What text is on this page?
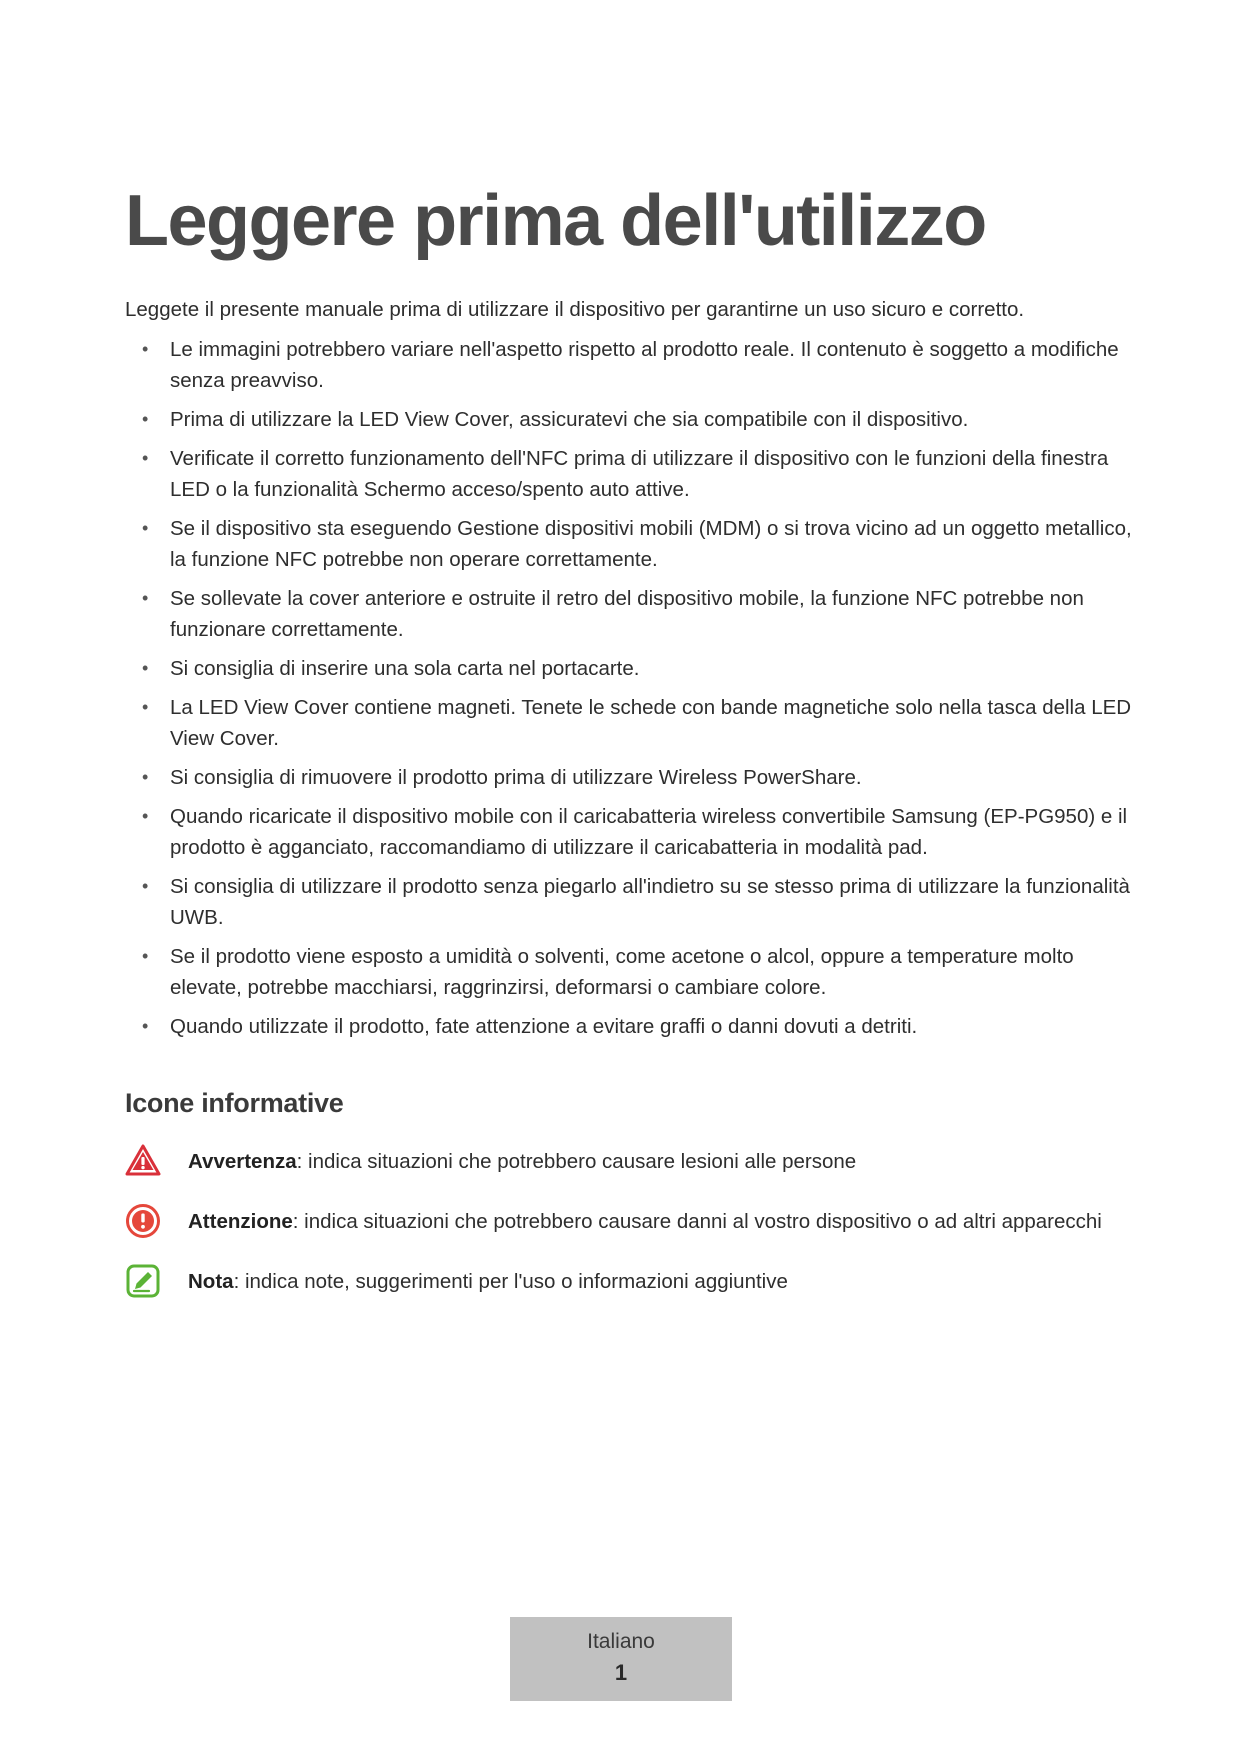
Leggere prima dell'utilizzo
Leggete il presente manuale prima di utilizzare il dispositivo per garantirne un uso sicuro e corretto.
• Le immagini potrebbero variare nell'aspetto rispetto al prodotto reale. Il contenuto è soggetto a modifiche senza preavviso.
• Prima di utilizzare la LED View Cover, assicuratevi che sia compatibile con il dispositivo.
• Verificate il corretto funzionamento dell'NFC prima di utilizzare il dispositivo con le funzioni della finestra LED o la funzionalità Schermo acceso/spento auto attive.
• Se il dispositivo sta eseguendo Gestione dispositivi mobili (MDM) o si trova vicino ad un oggetto metallico, la funzione NFC potrebbe non operare correttamente.
• Se sollevate la cover anteriore e ostruite il retro del dispositivo mobile, la funzione NFC potrebbe non funzionare correttamente.
• Si consiglia di inserire una sola carta nel portacarte.
• La LED View Cover contiene magneti. Tenete le schede con bande magnetiche solo nella tasca della LED View Cover.
• Si consiglia di rimuovere il prodotto prima di utilizzare Wireless PowerShare.
• Quando ricaricate il dispositivo mobile con il caricabatteria wireless convertibile Samsung (EP-PG950) e il prodotto è agganciato, raccomandiamo di utilizzare il caricabatteria in modalità pad.
• Si consiglia di utilizzare il prodotto senza piegarlo all'indietro su se stesso prima di utilizzare la funzionalità UWB.
• Se il prodotto viene esposto a umidità o solventi, come acetone o alcol, oppure a temperature molto elevate, potrebbe macchiarsi, raggrinzirsi, deformarsi o cambiare colore.
• Quando utilizzate il prodotto, fate attenzione a evitare graffi o danni dovuti a detriti.
Icone informative
Avvertenza: indica situazioni che potrebbero causare lesioni alle persone
Attenzione: indica situazioni che potrebbero causare danni al vostro dispositivo o ad altri apparecchi
Nota: indica note, suggerimenti per l'uso o informazioni aggiuntive
Italiano
1
